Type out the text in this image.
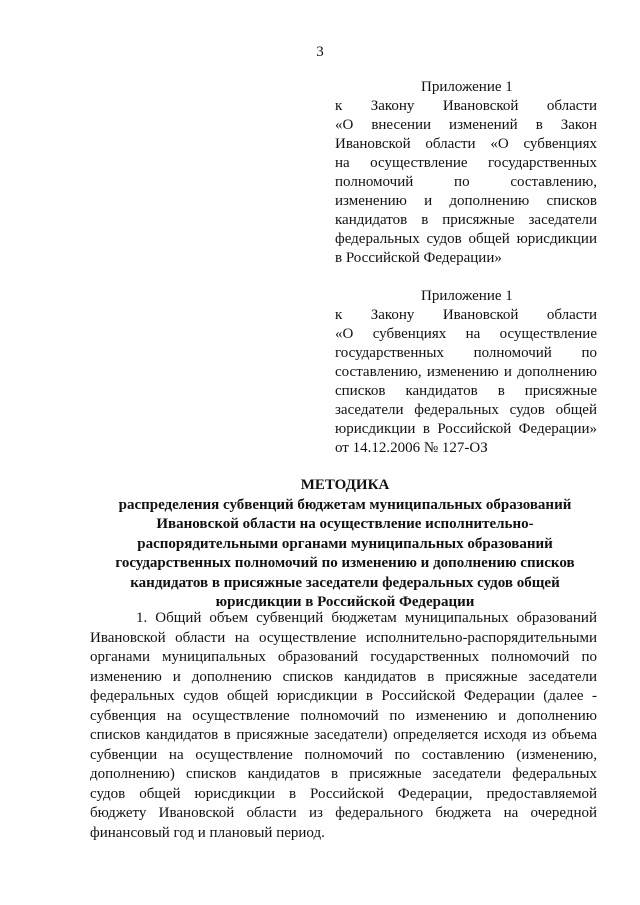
3
Приложение 1
к Закону Ивановской области
«О внесении изменений в Закон
Ивановской области «О субвенциях
на осуществление государственных
полномочий по составлению,
изменению и дополнению списков
кандидатов в присяжные заседатели
федеральных судов общей юрисдикции
в Российской Федерации»
Приложение 1
к Закону Ивановской области
«О субвенциях на осуществление
государственных полномочий по
составлению, изменению и дополнению
списков кандидатов в присяжные
заседатели федеральных судов общей
юрисдикции в Российской Федерации»
от 14.12.2006 № 127-ОЗ
МЕТОДИКА
распределения субвенций бюджетам муниципальных образований
Ивановской области на осуществление исполнительно-
распорядительными органами муниципальных образований
государственных полномочий по изменению и дополнению списков
кандидатов в присяжные заседатели федеральных судов общей
юрисдикции в Российской Федерации
1. Общий объем субвенций бюджетам муниципальных образований
Ивановской области на осуществление исполнительно-распорядительными
органами муниципальных образований государственных полномочий по
изменению и дополнению списков кандидатов в присяжные заседатели
федеральных судов общей юрисдикции в Российской Федерации (далее -
субвенция на осуществление полномочий по изменению и дополнению
списков кандидатов в присяжные заседатели) определяется исходя из объема
субвенции на осуществление полномочий по составлению (изменению,
дополнению) списков кандидатов в присяжные заседатели федеральных
судов общей юрисдикции в Российской Федерации, предоставляемой
бюджету Ивановской области из федерального бюджета на очередной
финансовый год и плановый период.
